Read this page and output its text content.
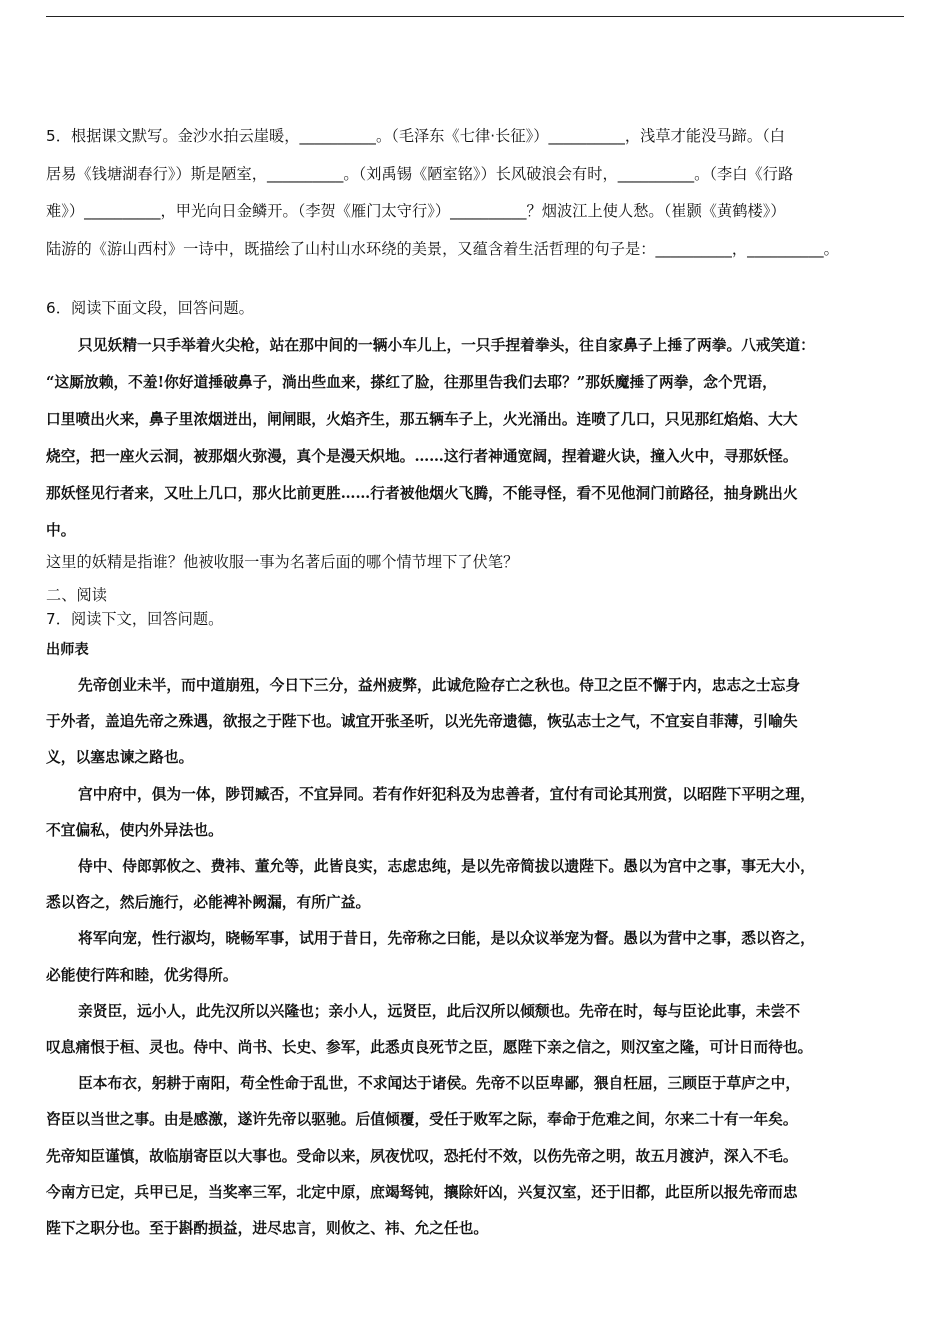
5．根据课文默写。金沙水拍云崖暖，__________。（毛泽东《七律·长征》）__________，浅草才能没马蹄。（白

居易《钱塘湖春行》）斯是陋室，__________。（刘禹锡《陋室铭》）长风破浪会有时，__________。（李白《行路

难》）__________，甲光向日金鳞开。（李贺《雁门太守行》）__________？烟波江上使人愁。（崔颢《黄鹤楼》）

陆游的《游山西村》一诗中，既描绘了山村山水环绕的美景，又蕴含着生活哲理的句子是：__________，__________。

6．阅读下面文段，回答问题。

只见妖精一只手举着火尖枪，站在那中间的一辆小车儿上，一只手捏着拳头，往自家鼻子上捶了两拳。八戒笑道：

“这厮放赖，不羞!你好道捶破鼻子，淌出些血来，搽红了脸，往那里告我们去耶？”那妖魔捶了两拳，念个咒语，

口里喷出火来，鼻子里浓烟迸出，闸闸眼，火焰齐生，那五辆车子上，火光涌出。连喷了几口，只见那红焰焰、大大

烧空，把一座火云洞，被那烟火弥漫，真个是漫天炽地。……这行者神通宽阔，捏着避火诀，撞入火中，寻那妖怪。

那妖怪见行者来，又吐上几口，那火比前更胜……行者被他烟火飞腾，不能寻怪，看不见他洞门前路径，抽身跳出火

中。

这里的妖精是指谁？他被收服一事为名著后面的哪个情节埋下了伏笔？

二、阅读

7．阅读下文，回答问题。

出师表

先帝创业未半，而中道崩殂，今日下三分，益州疲弊，此诚危险存亡之秋也。侍卫之臣不懈于内，忠志之士忘身

于外者，盖追先帝之殊遇，欲报之于陛下也。诚宜开张圣听，以光先帝遗德，恢弘志士之气，不宜妄自菲薄，引喻失

义，以塞忠谏之路也。

宫中府中，俱为一体，陟罚臧否，不宜异同。若有作奸犯科及为忠善者，宜付有司论其刑赏，以昭陛下平明之理，

不宜偏私，使内外异法也。

侍中、侍郎郭攸之、费祎、董允等，此皆良实，志虑忠纯，是以先帝简拔以遗陛下。愚以为宫中之事，事无大小，

悉以咨之，然后施行，必能裨补阙漏，有所广益。

将军向宠，性行淑均，晓畅军事，试用于昔日，先帝称之曰能，是以众议举宠为督。愚以为营中之事，悉以咨之，

必能使行阵和睦，优劣得所。

亲贤臣，远小人，此先汉所以兴隆也；亲小人，远贤臣，此后汉所以倾颓也。先帝在时，每与臣论此事，未尝不

叹息痛恨于桓、灵也。侍中、尚书、长史、参军，此悉贞良死节之臣，愿陛下亲之信之，则汉室之隆，可计日而待也。

臣本布衣，躬耕于南阳，苟全性命于乱世，不求闻达于诸侯。先帝不以臣卑鄙，猥自枉屈，三顾臣于草庐之中，

咨臣以当世之事。由是感激，遂许先帝以驱驰。后值倾覆，受任于败军之际，奉命于危难之间，尔来二十有一年矣。

先帝知臣谨慎，故临崩寄臣以大事也。受命以来，夙夜忧叹，恐托付不效，以伤先帝之明，故五月渡泸，深入不毛。

今南方已定，兵甲已足，当奖率三军，北定中原，庶竭驽钝，攘除奸凶，兴复汉室，还于旧都，此臣所以报先帝而忠

陛下之职分也。至于斟酌损益，进尽忠言，则攸之、祎、允之任也。
